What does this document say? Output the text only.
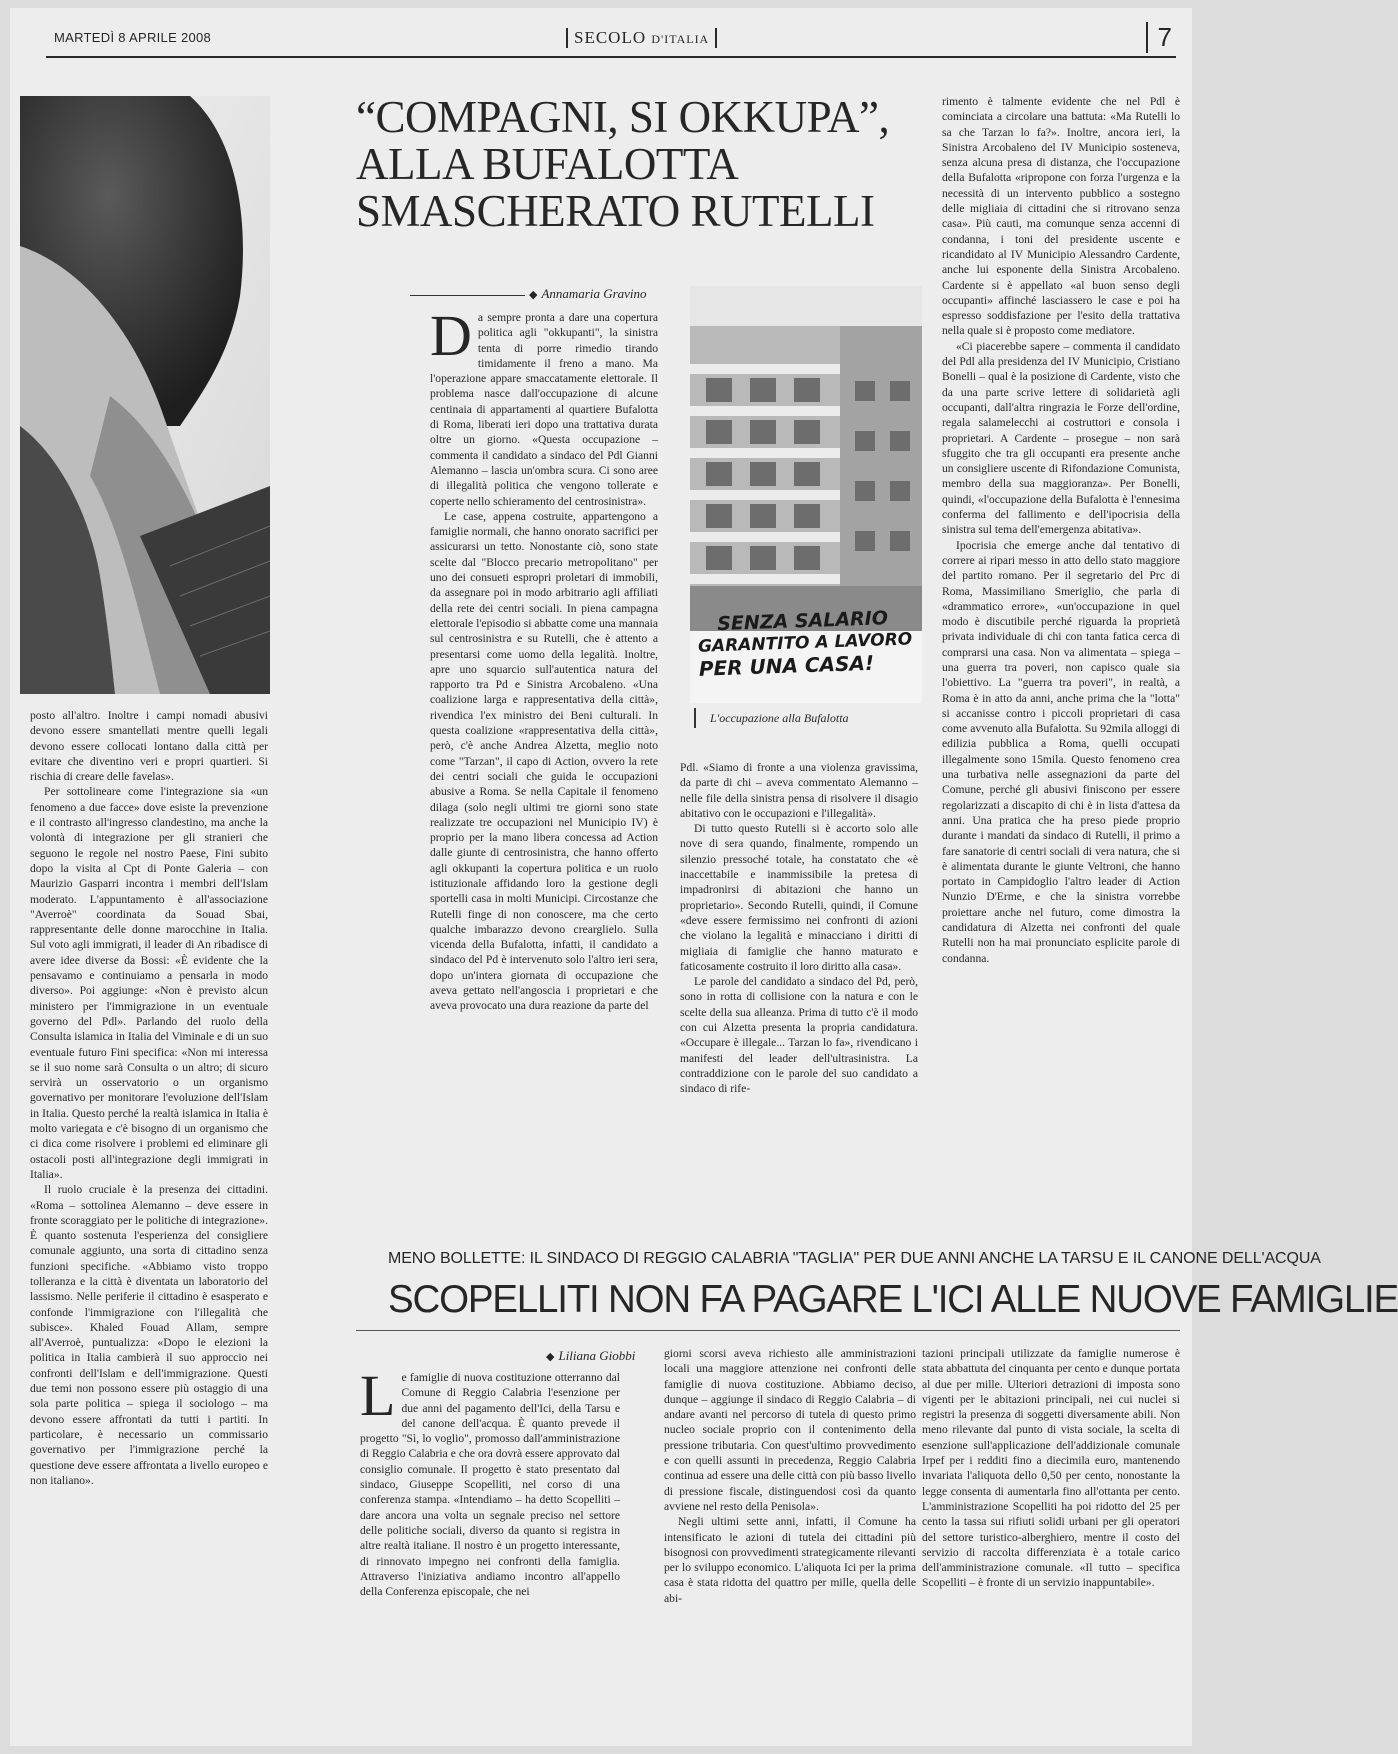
MARTEDÌ 8 APRILE 2008	SECOLO D'ITALIA	7

posto all'altro. Inoltre i campi nomadi abusivi devono essere smantellati mentre quelli legali devono essere collocati lontano dalla città per evitare che diventino veri e propri quartieri. Si rischia di creare delle favelas».

Per sottolineare come l'integrazione sia «un fenomeno a due facce» dove esiste la prevenzione e il contrasto all'ingresso clandestino, ma anche la volontà di integrazione per gli stranieri che seguono le regole nel nostro Paese, Fini subito dopo la visita al Cpt di Ponte Galeria – con Maurizio Gasparri incontra i membri dell'Islam moderato. L'appuntamento è all'associazione "Averroè" coordinata da Souad Sbai, rappresentante delle donne marocchine in Italia. Sul voto agli immigrati, il leader di An ribadisce di avere idee diverse da Bossi: «È evidente che la pensavamo e continuiamo a pensarla in modo diverso». Poi aggiunge: «Non è previsto alcun ministero per l'immigrazione in un eventuale governo del Pdl». Parlando del ruolo della Consulta islamica in Italia del Viminale e di un suo eventuale futuro Fini specifica: «Non mi interessa se il suo nome sarà Consulta o un altro; di sicuro servirà un osservatorio o un organismo governativo per monitorare l'evoluzione dell'Islam in Italia. Questo perché la realtà islamica in Italia è molto variegata e c'è bisogno di un organismo che ci dica come risolvere i problemi ed eliminare gli ostacoli posti all'integrazione degli immigrati in Italia».

Il ruolo cruciale è la presenza dei cittadini. «Roma – sottolinea Alemanno – deve essere in fronte scoraggiato per le politiche di integrazione». È quanto sostenuta l'esperienza del consigliere comunale aggiunto, una sorta di cittadino senza funzioni specifiche. «Abbiamo visto troppo tolleranza e la città è diventata un laboratorio del lassismo. Nelle periferie il cittadino è esasperato e confonde l'immigrazione con l'illegalità che subisce». Khaled Fouad Allam, sempre all'Averroè, puntualizza: «Dopo le elezioni la politica in Italia cambierà il suo approccio nei confronti dell'Islam e dell'immigrazione. Questi due temi non possono essere più ostaggio di una sola parte politica – spiega il sociologo – ma devono essere affrontati da tutti i partiti. In particolare, è necessario un commissario governativo per l'immigrazione perché la questione deve essere affrontata a livello europeo e non italiano».

“COMPAGNI, SI OKKUPA”,
ALLA BUFALOTTA
SMASCHERATO RUTELLI
◆ Annamaria Gravino
D a sempre pronta a dare una copertura politica agli "okkupanti", la sinistra tenta di porre rimedio tirando timidamente il freno a mano. Ma l'operazione appare smaccatamente elettorale. Il problema nasce dall'occupazione di alcune centinaia di appartamenti al quartiere Bufalotta di Roma, liberati ieri dopo una trattativa durata oltre un giorno. «Questa occupazione – commenta il candidato a sindaco del Pdl Gianni Alemanno – lascia un'ombra scura. Ci sono aree di illegalità politica che vengono tollerate e coperte nello schieramento del centrosinistra».

Le case, appena costruite, appartengono a famiglie normali, che hanno onorato sacrifici per assicurarsi un tetto. Nonostante ciò, sono state scelte dal "Blocco precario metropolitano" per uno dei consueti espropri proletari di immobili, da assegnare poi in modo arbitrario agli affiliati della rete dei centri sociali. In piena campagna elettorale l'episodio si abbatte come una mannaia sul centrosinistra e su Rutelli, che è attento a presentarsi come uomo della legalità. Inoltre, apre uno squarcio sull'autentica natura del rapporto tra Pd e Sinistra Arcobaleno. «Una coalizione larga e rappresentativa della città», rivendica l'ex ministro dei Beni culturali. In questa coalizione «rappresentativa della città», però, c'è anche Andrea Alzetta, meglio noto come "Tarzan", il capo di Action, ovvero la rete dei centri sociali che guida le occupazioni abusive a Roma. Se nella Capitale il fenomeno dilaga (solo negli ultimi tre giorni sono state realizzate tre occupazioni nel Municipio IV) è proprio per la mano libera concessa ad Action dalle giunte di centrosinistra, che hanno offerto agli okkupanti la copertura politica e un ruolo istituzionale affidando loro la gestione degli sportelli casa in molti Municipi. Circostanze che Rutelli finge di non conoscere, ma che certo qualche imbarazzo devono crearglielo. Sulla vicenda della Bufalotta, infatti, il candidato a sindaco del Pd è intervenuto solo l'altro ieri sera, dopo un'intera giornata di occupazione che aveva gettato nell'angoscia i proprietari e che aveva provocato una dura reazione da parte del

SENZA SALARIO
GARANTITO A LAVORO
PER UNA CASA!
L'occupazione alla Bufalotta

Pdl. «Siamo di fronte a una violenza gravissima, da parte di chi – aveva commentato Alemanno – nelle file della sinistra pensa di risolvere il disagio abitativo con le occupazioni e l'illegalità».

Di tutto questo Rutelli si è accorto solo alle nove di sera quando, finalmente, rompendo un silenzio pressoché totale, ha constatato che «è inaccettabile e inammissibile la pretesa di impadronirsi di abitazioni che hanno un proprietario». Secondo Rutelli, quindi, il Comune «deve essere fermissimo nei confronti di azioni che violano la legalità e minacciano i diritti di migliaia di famiglie che hanno maturato e faticosamente costruito il loro diritto alla casa».

Le parole del candidato a sindaco del Pd, però, sono in rotta di collisione con la natura e con le scelte della sua alleanza. Prima di tutto c'è il modo con cui Alzetta presenta la propria candidatura. «Occupare è illegale... Tarzan lo fa», rivendicano i manifesti del leader dell'ultrasinistra. La contraddizione con le parole del suo candidato a sindaco di rife-

rimento è talmente evidente che nel Pdl è cominciata a circolare una battuta: «Ma Rutelli lo sa che Tarzan lo fa?». Inoltre, ancora ieri, la Sinistra Arcobaleno del IV Municipio sosteneva, senza alcuna presa di distanza, che l'occupazione della Bufalotta «ripropone con forza l'urgenza e la necessità di un intervento pubblico a sostegno delle migliaia di cittadini che si ritrovano senza casa». Più cauti, ma comunque senza accenni di condanna, i toni del presidente uscente e ricandidato al IV Municipio Alessandro Cardente, anche lui esponente della Sinistra Arcobaleno. Cardente si è appellato «al buon senso degli occupanti» affinché lasciassero le case e poi ha espresso soddisfazione per l'esito della trattativa nella quale si è proposto come mediatore.

«Ci piacerebbe sapere – commenta il candidato del Pdl alla presidenza del IV Municipio, Cristiano Bonelli – qual è la posizione di Cardente, visto che da una parte scrive lettere di solidarietà agli occupanti, dall'altra ringrazia le Forze dell'ordine, regala salamelecchi ai costruttori e consola i proprietari. A Cardente – prosegue – non sarà sfuggito che tra gli occupanti era presente anche un consigliere uscente di Rifondazione Comunista, membro della sua maggioranza». Per Bonelli, quindi, «l'occupazione della Bufalotta è l'ennesima conferma del fallimento e dell'ipocrisia della sinistra sul tema dell'emergenza abitativa».

Ipocrisia che emerge anche dal tentativo di correre ai ripari messo in atto dello stato maggiore del partito romano. Per il segretario del Prc di Roma, Massimiliano Smeriglio, che parla di «drammatico errore», «un'occupazione in quel modo è discutibile perché riguarda la proprietà privata individuale di chi con tanta fatica cerca di comprarsi una casa. Non va alimentata – spiega – una guerra tra poveri, non capisco quale sia l'obiettivo. La "guerra tra poveri", in realtà, a Roma è in atto da anni, anche prima che la "lotta" si accanisse contro i piccoli proprietari di casa come avvenuto alla Bufalotta. Su 92mila alloggi di edilizia pubblica a Roma, quelli occupati illegalmente sono 15mila. Questo fenomeno crea una turbativa nelle assegnazioni da parte del Comune, perché gli abusivi finiscono per essere regolarizzati a discapito di chi è in lista d'attesa da anni. Una pratica che ha preso piede proprio durante i mandati da sindaco di Rutelli, il primo a fare sanatorie di centri sociali di vera natura, che si è alimentata durante le giunte Veltroni, che hanno portato in Campidoglio l'altro leader di Action Nunzio D'Erme, e che la sinistra vorrebbe proiettare anche nel futuro, come dimostra la candidatura di Alzetta nei confronti del quale Rutelli non ha mai pronunciato esplicite parole di condanna.

MENO BOLLETTE: IL SINDACO DI REGGIO CALABRIA "TAGLIA" PER DUE ANNI ANCHE LA TARSU E IL CANONE DELL'ACQUA
SCOPELLITI NON FA PAGARE L'ICI ALLE NUOVE FAMIGLIE
◆ Liliana Giobbi
L e famiglie di nuova costituzione otterranno dal Comune di Reggio Calabria l'esenzione per due anni del pagamento dell'Ici, della Tarsu e del canone dell'acqua. È quanto prevede il progetto "Sì, lo voglio", promosso dall'amministrazione di Reggio Calabria e che ora dovrà essere approvato dal consiglio comunale. Il progetto è stato presentato dal sindaco, Giuseppe Scopelliti, nel corso di una conferenza stampa. «Intendiamo – ha detto Scopelliti – dare ancora una volta un segnale preciso nel settore delle politiche sociali, diverso da quanto si registra in altre realtà italiane. Il nostro è un progetto interessante, di rinnovato impegno nei confronti della famiglia. Attraverso l'iniziativa andiamo incontro all'appello della Conferenza episcopale, che nei

giorni scorsi aveva richiesto alle amministrazioni locali una maggiore attenzione nei confronti delle famiglie di nuova costituzione. Abbiamo deciso, dunque – aggiunge il sindaco di Reggio Calabria – di andare avanti nel percorso di tutela di questo primo nucleo sociale proprio con il contenimento della pressione tributaria. Con quest'ultimo provvedimento e con quelli assunti in precedenza, Reggio Calabria continua ad essere una delle città con più basso livello di pressione fiscale, distinguendosi così da quanto avviene nel resto della Penisola».

Negli ultimi sette anni, infatti, il Comune ha intensificato le azioni di tutela dei cittadini più bisognosi con provvedimenti strategicamente rilevanti per lo sviluppo economico. L'aliquota Ici per la prima casa è stata ridotta del quattro per mille, quella delle abi-

tazioni principali utilizzate da famiglie numerose è stata abbattuta del cinquanta per cento e dunque portata al due per mille. Ulteriori detrazioni di imposta sono vigenti per le abitazioni principali, nei cui nuclei si registri la presenza di soggetti diversamente abili. Non meno rilevante dal punto di vista sociale, la scelta di esenzione sull'applicazione dell'addizionale comunale Irpef per i redditi fino a diecimila euro, mantenendo invariata l'aliquota dello 0,50 per cento, nonostante la legge consenta di aumentarla fino all'ottanta per cento. L'amministrazione Scopelliti ha poi ridotto del 25 per cento la tassa sui rifiuti solidi urbani per gli operatori del settore turistico-alberghiero, mentre il costo del servizio di raccolta differenziata è a totale carico dell'amministrazione comunale. «Il tutto – specifica Scopelliti – è fronte di un servizio inappuntabile».
